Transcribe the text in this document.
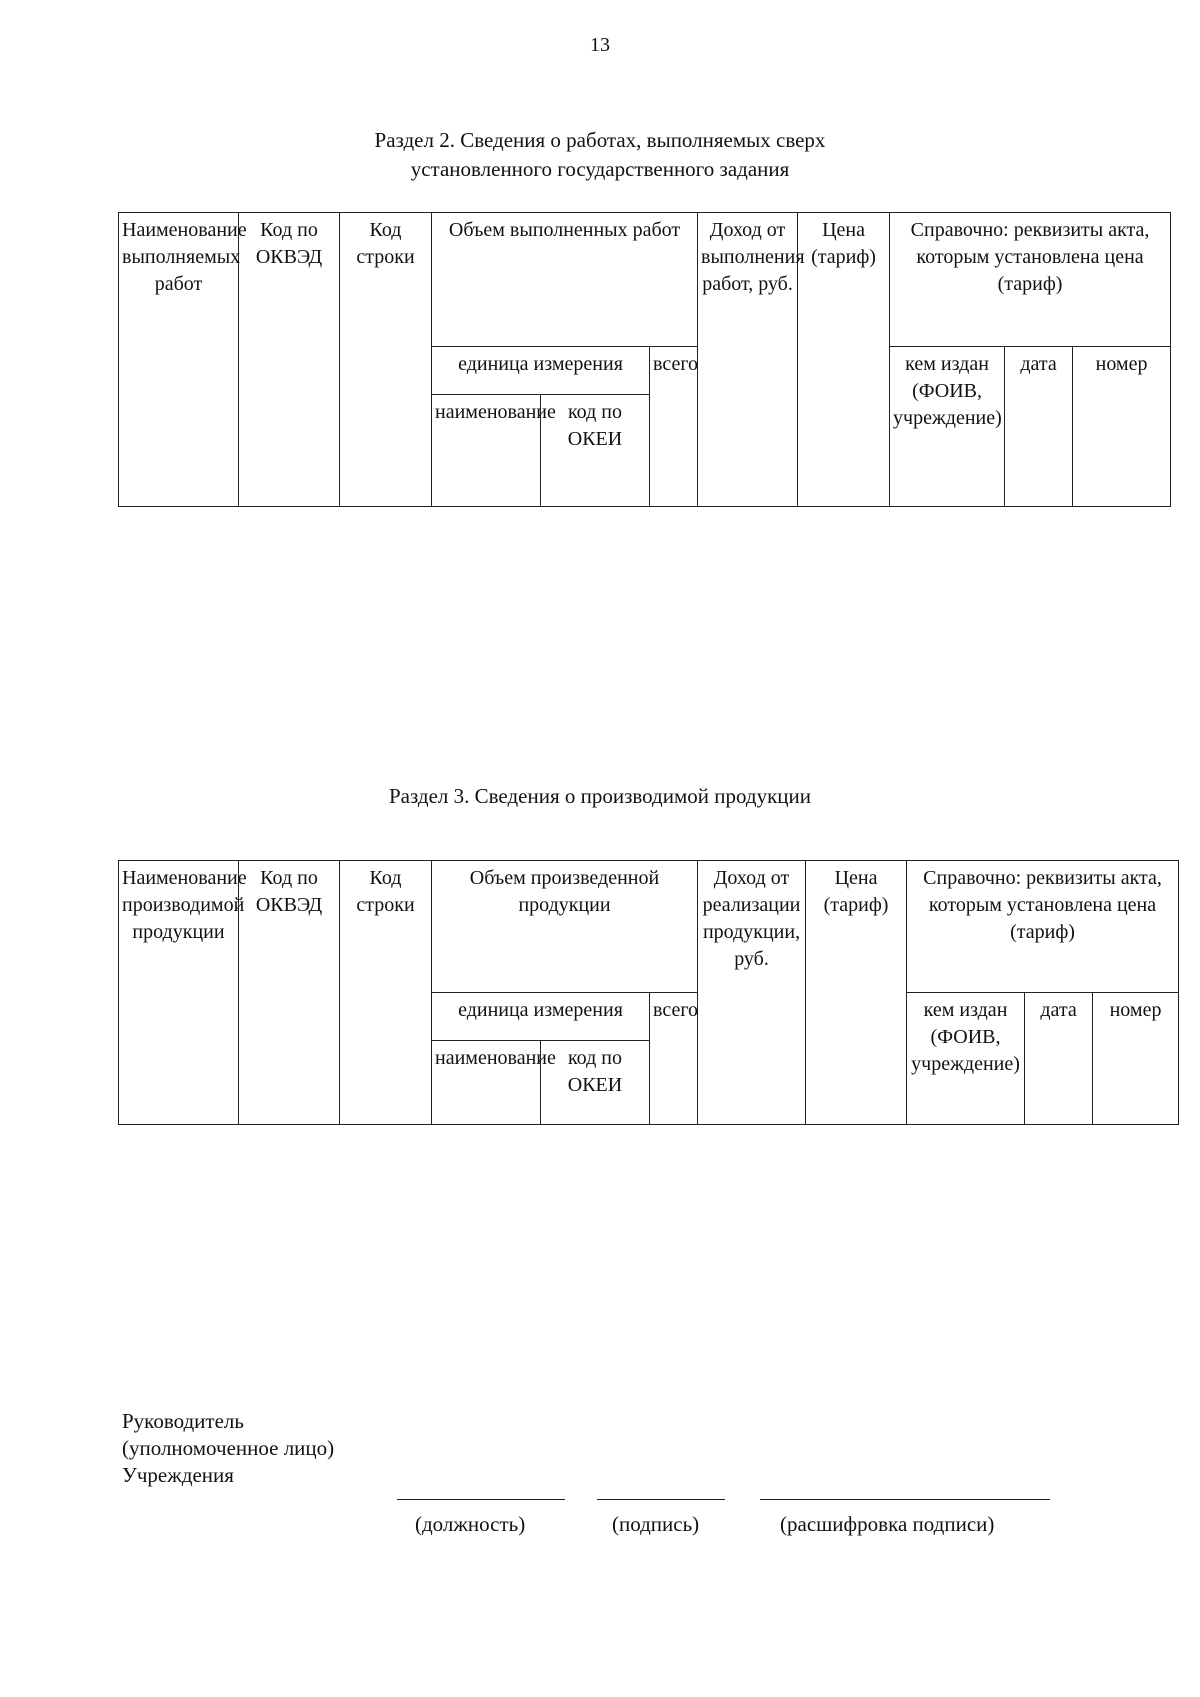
13
Раздел 2. Сведения о работах, выполняемых сверх
установленного государственного задания
Наименование выполняемых работ	Код по ОКВЭД	Код строки	Объем выполненных работ			Доход от выполнения работ, руб.	Цена (тариф)	Справочно: реквизиты акта, которым установлена цена (тариф)		

			единица измерения		всего			кем издан (ФОИВ, учреждение)	дата	номер

			наименование	код по ОКЕИ						
Раздел 3. Сведения о производимой продукции
Наименование производимой продукции	Код по ОКВЭД	Код строки	Объем произведенной продукции			Доход от реализации продукции, руб.	Цена (тариф)	Справочно: реквизиты акта, которым установлена цена (тариф)		

			единица измерения		всего			кем издан (ФОИВ, учреждение)	дата	номер

			наименование	код по ОКЕИ						
Руководитель
(уполномоченное лицо)
Учреждения
(должность)	(подпись)	(расшифровка подписи)
